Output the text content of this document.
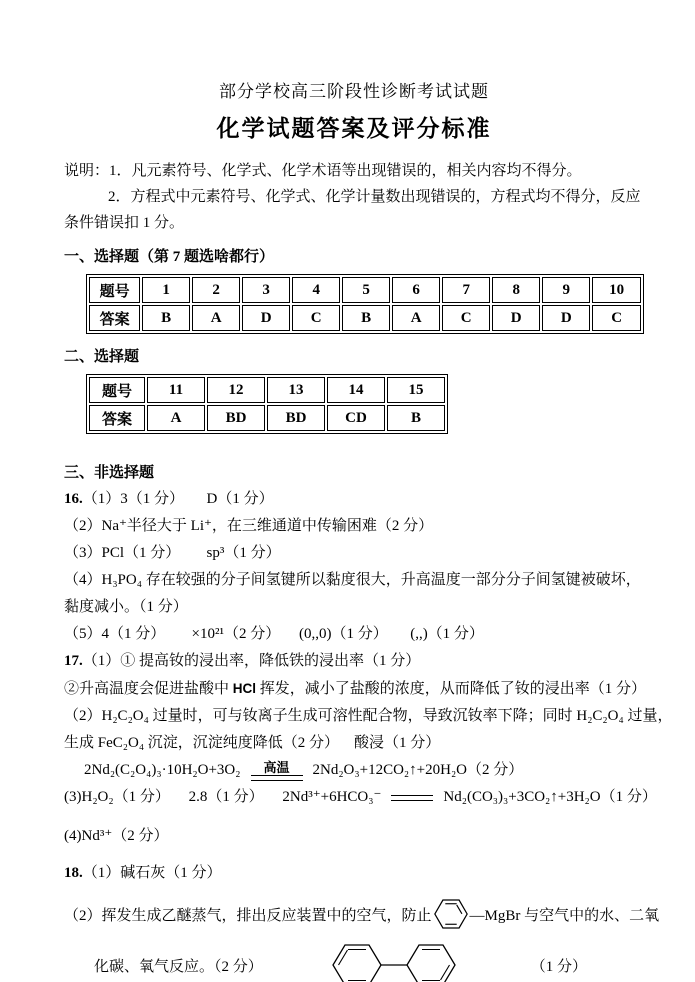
部分学校高三阶段性诊断考试试题
化学试题答案及评分标准
说明：1．凡元素符号、化学式、化学术语等出现错误的，相关内容均不得分。
2．方程式中元素符号、化学式、化学计量数出现错误的，方程式均不得分，反应
条件错误扣 1 分。
一、选择题（第 7 题选啥都行）
题号	1	2	3	4	5	6	7	8	9	10
答案	B	A	D	C	B	A	C	D	D	C
二、选择题
题号	11	12	13	14	15
答案	A	BD	BD	CD	B
三、非选择题
16.（1）3（1 分）      D（1 分）
（2）Na⁺半径大于 Li⁺，在三维通道中传输困难（2 分）
（3）PCl（1 分）       sp³（1 分）
（4）H₃PO₄ 存在较强的分子间氢键所以黏度很大，升高温度一部分分子间氢键被破坏，
黏度减小。（1 分）
（5）4（1 分）       ×10²¹（2 分）     (0,,0)（1 分）      (,,)（1 分）
17.（1）① 提高钕的浸出率，降低铁的浸出率（1 分）
②升高温度会促进盐酸中 HCl 挥发，减小了盐酸的浓度，从而降低了钕的浸出率（1 分）
（2）H₂C₂O₄ 过量时，可与钕离子生成可溶性配合物，导致沉钕率下降；同时 H₂C₂O₄ 过量，
生成 FeC₂O₄ 沉淀，沉淀纯度降低（2 分）    酸浸（1 分）
2Nd₂(C₂O₄)₃·10H₂O+3O₂ 高温 2Nd₂O₃+12CO₂↑+20H₂O（2 分）
(3)H₂O₂（1 分）     2.8（1 分）     2Nd³⁺+6HCO₃⁻	Nd₂(CO₃)₃+3CO₂↑+3H₂O（1 分）
(4)Nd³⁺（2 分）
18.（1）碱石灰（1 分）
（2）挥发生成乙醚蒸气，排出反应装置中的空气，防止	—MgBr 与空气中的水、二氧
化碳、氧气反应。（2 分）	（1 分）
